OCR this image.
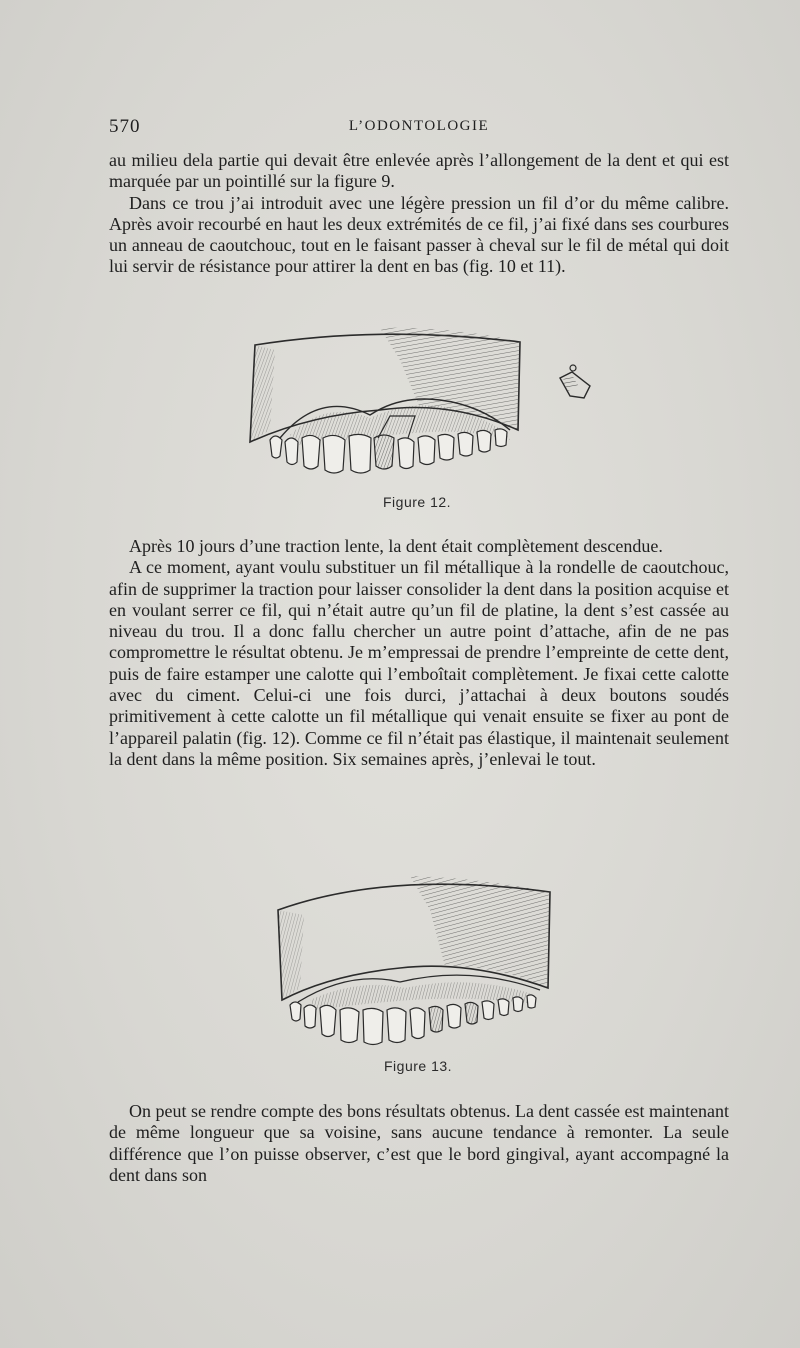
570	L’ODONTOLOGIE

au milieu dela partie qui devait être enlevée après l’allongement de la dent et qui est marquée par un pointillé sur la figure 9.

Dans ce trou j’ai introduit avec une légère pression un fil d’or du même calibre. Après avoir recourbé en haut les deux extrémités de ce fil, j’ai fixé dans ses courbures un anneau de caoutchouc, tout en le faisant passer à cheval sur le fil de métal qui doit lui servir de résistance pour attirer la dent en bas (fig. 10 et 11).

Figure 12.

Après 10 jours d’une traction lente, la dent était complètement descendue.

A ce moment, ayant voulu substituer un fil métallique à la rondelle de caoutchouc, afin de supprimer la traction pour laisser consolider la dent dans la position acquise et en voulant serrer ce fil, qui n’était autre qu’un fil de platine, la dent s’est cassée au niveau du trou. Il a donc fallu chercher un autre point d’attache, afin de ne pas compromettre le résultat obtenu. Je m’empressai de prendre l’empreinte de cette dent, puis de faire estamper une calotte qui l’emboîtait complètement. Je fixai cette calotte avec du ciment. Celui-ci une fois durci, j’attachai à deux boutons soudés primitivement à cette calotte un fil métallique qui venait ensuite se fixer au pont de l’appareil palatin (fig. 12). Comme ce fil n’était pas élastique, il maintenait seulement la dent dans la même position. Six semaines après, j’enlevai le tout.

Figure 13.

On peut se rendre compte des bons résultats obtenus. La dent cassée est maintenant de même longueur que sa voisine, sans aucune tendance à remonter. La seule différence que l’on puisse observer, c’est que le bord gingival, ayant accompagné la dent dans son
